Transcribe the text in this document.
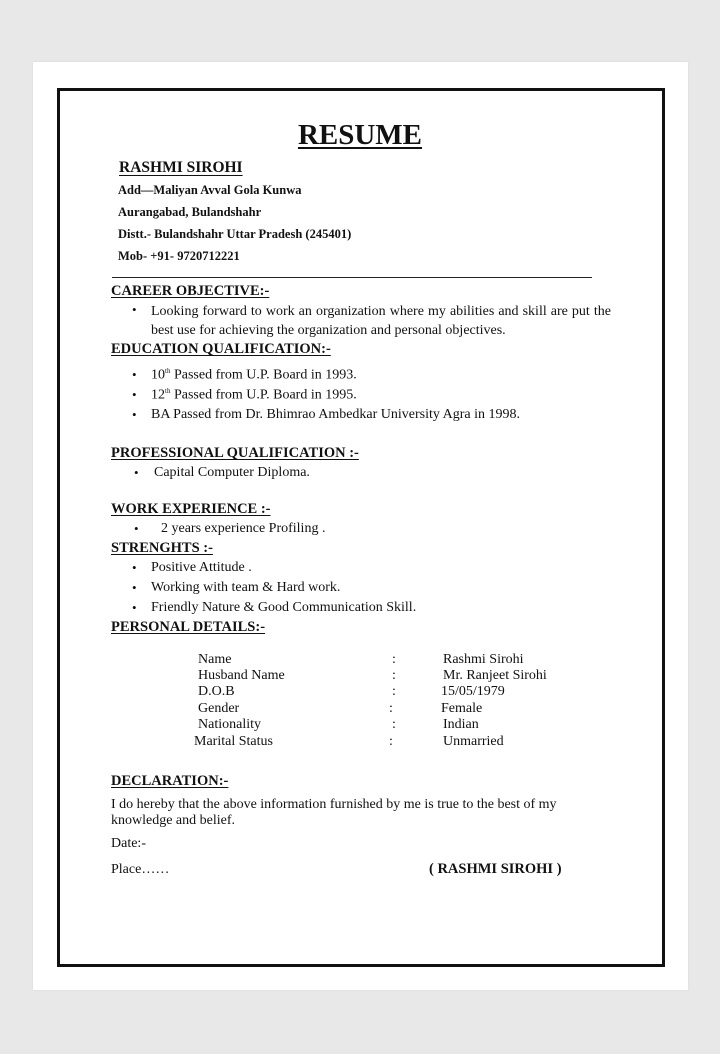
RESUME
RASHMI SIROHI
Add—Maliyan Avval Gola Kunwa
Aurangabad, Bulandshahr
Distt.- Bulandshahr Uttar Pradesh (245401)
Mob- +91- 9720712221
CAREER OBJECTIVE:-
• Looking forward to work an organization where my abilities and skill are put the best use for achieving the organization and personal objectives.
EDUCATION QUALIFICATION:-
• 10th Passed from U.P. Board in 1993.
• 12th Passed from U.P. Board in 1995.
• BA Passed from Dr. Bhimrao Ambedkar University Agra in 1998.
PROFESSIONAL QUALIFICATION :-
• Capital Computer Diploma.
WORK EXPERIENCE :-
• 2 years experience Profiling .
STRENGHTS :-
• Positive Attitude .
• Working with team & Hard work.
• Friendly Nature & Good Communication Skill.
PERSONAL DETAILS:-
Name	:	Rashmi Sirohi
Husband Name	:	Mr. Ranjeet Sirohi
D.O.B	:	15/05/1979
Gender	:	Female
Nationality	:	Indian
Marital Status	:	Unmarried
DECLARATION:-
I do hereby that the above information furnished by me is true to the best of my
knowledge and belief.
Date:-
Place……	( RASHMI SIROHI )
